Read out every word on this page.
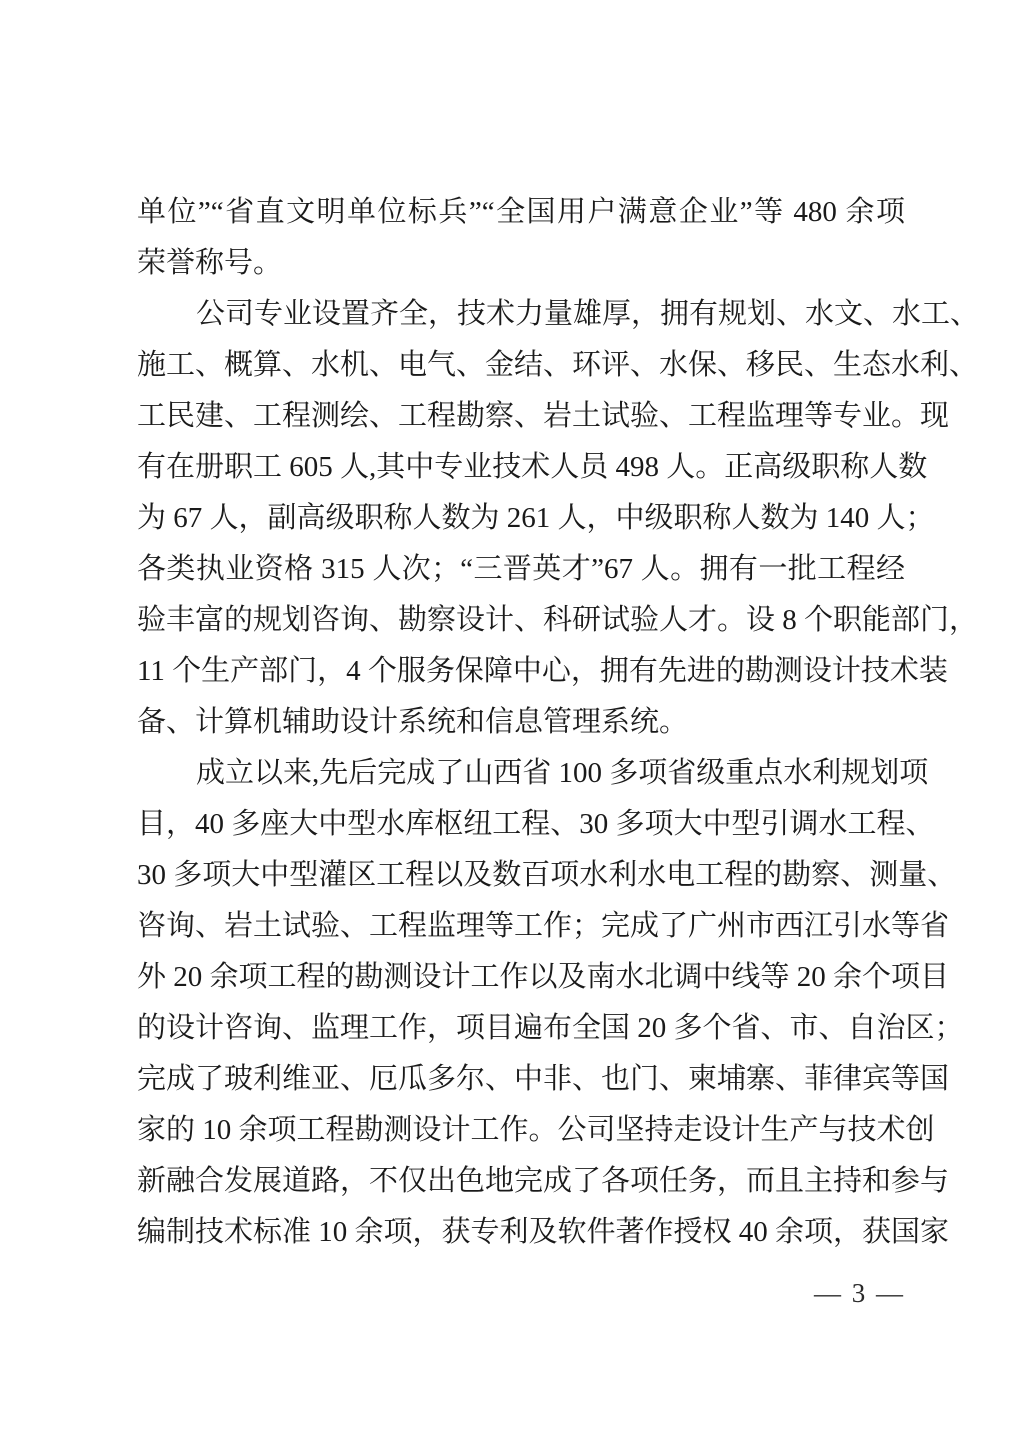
单位”“省直文明单位标兵”“全国用户满意企业”等 480 余项
荣誉称号。
公司专业设置齐全，技术力量雄厚，拥有规划、水文、水工、
施工、概算、水机、电气、金结、环评、水保、移民、生态水利、
工民建、工程测绘、工程勘察、岩土试验、工程监理等专业。现
有在册职工 605 人,其中专业技术人员 498 人。正高级职称人数
为 67 人，副高级职称人数为 261 人，中级职称人数为 140 人；
各类执业资格 315 人次；“三晋英才”67 人。拥有一批工程经
验丰富的规划咨询、勘察设计、科研试验人才。设 8 个职能部门，
11 个生产部门，4 个服务保障中心，拥有先进的勘测设计技术装
备、计算机辅助设计系统和信息管理系统。
成立以来,先后完成了山西省 100 多项省级重点水利规划项
目，40 多座大中型水库枢纽工程、30 多项大中型引调水工程、
30 多项大中型灌区工程以及数百项水利水电工程的勘察、测量、
咨询、岩土试验、工程监理等工作；完成了广州市西江引水等省
外 20 余项工程的勘测设计工作以及南水北调中线等 20 余个项目
的设计咨询、监理工作，项目遍布全国 20 多个省、市、自治区；
完成了玻利维亚、厄瓜多尔、中非、也门、柬埔寨、菲律宾等国
家的 10 余项工程勘测设计工作。公司坚持走设计生产与技术创
新融合发展道路，不仅出色地完成了各项任务，而且主持和参与
编制技术标准 10 余项，获专利及软件著作授权 40 余项，获国家
— 3 —
